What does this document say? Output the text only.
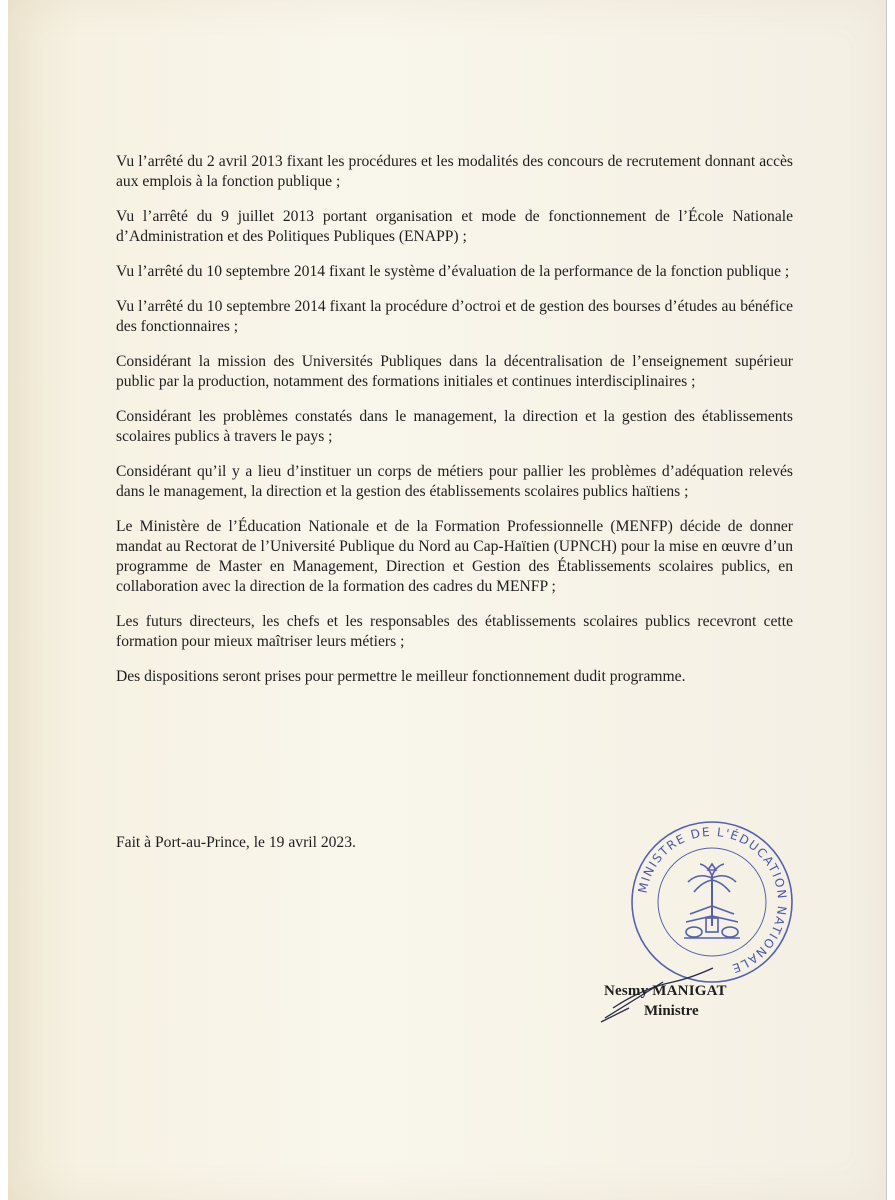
Vu l’arrêté du 2 avril 2013 fixant les procédures et les modalités des concours de recrutement donnant accès aux emplois à la fonction publique ;

Vu l’arrêté du 9 juillet 2013 portant organisation et mode de fonctionnement de l’École Nationale d’Administration et des Politiques Publiques (ENAPP) ;

Vu l’arrêté du 10 septembre 2014 fixant le système d’évaluation de la performance de la fonction publique ;

Vu l’arrêté du 10 septembre 2014 fixant la procédure d’octroi et de gestion des bourses d’études au bénéfice des fonctionnaires ;

Considérant la mission des Universités Publiques dans la décentralisation de l’enseignement supérieur public par la production, notamment des formations initiales et continues interdisciplinaires ;

Considérant les problèmes constatés dans le management, la direction et la gestion des établissements scolaires publics à travers le pays ;

Considérant qu’il y a lieu d’instituer un corps de métiers pour pallier les problèmes d’adéquation relevés dans le management, la direction et la gestion des établissements scolaires publics haïtiens ;

Le Ministère de l’Éducation Nationale et de la Formation Professionnelle (MENFP) décide de donner mandat au Rectorat de l’Université Publique du Nord au Cap-Haïtien (UPNCH) pour la mise en œuvre d’un programme de Master en Management, Direction et Gestion des Établissements scolaires publics, en collaboration avec la direction de la formation des cadres du MENFP ;

Les futurs directeurs, les chefs et les responsables des établissements scolaires publics recevront cette formation pour mieux maîtriser leurs métiers ;

Des dispositions seront prises pour permettre le meilleur fonctionnement dudit programme.

Fait à Port-au-Prince, le 19 avril 2023.
MINISTRE DE L'ÉDUCATION NATIONALE
Nesmy MANIGAT
Ministre
